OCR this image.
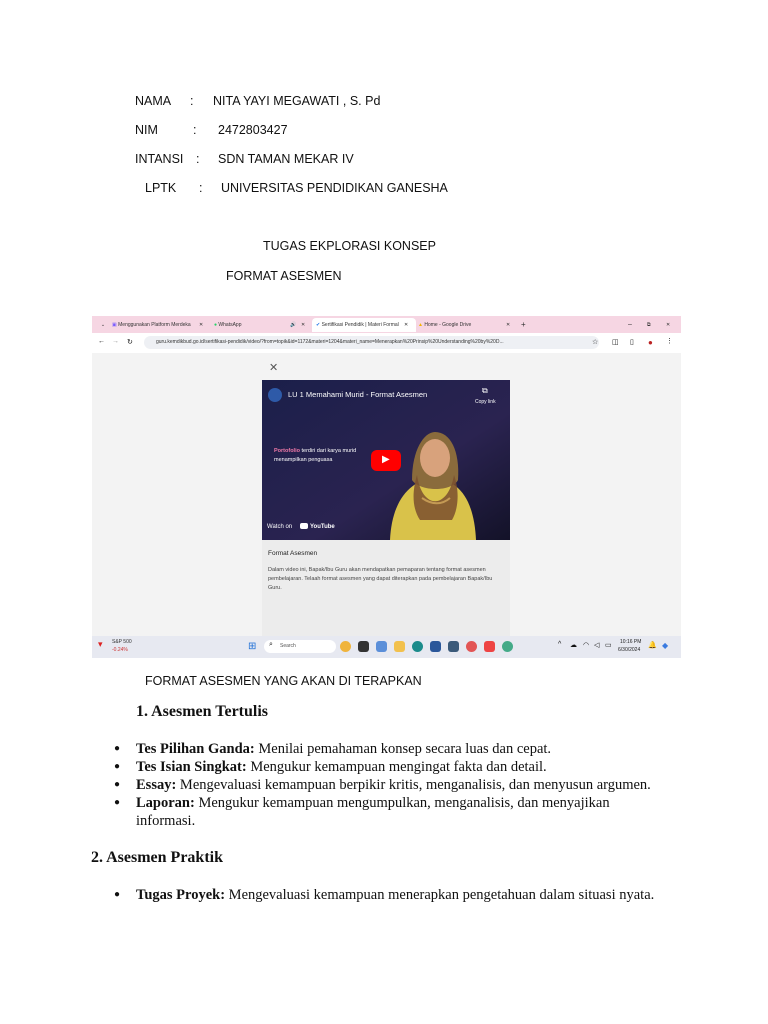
NAMA : NITA YAYI MEGAWATI , S. Pd
NIM	: 2472803427
INTANSI : SDN TAMAN MEKAR IV
LPTK : UNIVERSITAS PENDIDIKAN GANESHA
TUGAS EKPLORASI KONSEP
FORMAT ASESMEN
⌄	▣ Menggunakan Platform Merdeka	✕ ● WhatsApp	🔊 ✕	✔ Sertifikasi Pendidik | Materi Formal	✕ ▲ Home - Google Drive	✕ +	–	⧉	✕
← → ↻	guru.kemdikbud.go.id/sertifikasi-pendidik/video/?from=topik&id=1172&materi=1204&materi_name=Menerapkan%20Prinsip%20Understanding%20by%20D...	☆ ◫ ▯ ● ⋮
✕
LU 1 Memahami Murid - Format Asesmen	⧉
Copy link
Portofolio terdiri dari karya murid
menampilkan penguasa	▶
Watch on	YouTube
Format Asesmen
Dalam video ini, Bapak/Ibu Guru akan mendapatkan pemaparan tentang format asesmen pembelajaran. Telaah format asesmen yang dapat diterapkan pada pembelajaran Bapak/Ibu Guru.
▾ S&P 500
-0.24%	⊞ ⌕ Search	^ ☁ ◠ ◁ ▭ 10:16 PM
6/30/2024
🔔 ◆
FORMAT ASESMEN YANG AKAN DI TERAPKAN
1. Asesmen Tertulis
● Tes Pilihan Ganda: Menilai pemahaman konsep secara luas dan cepat.
● Tes Isian Singkat: Mengukur kemampuan mengingat fakta dan detail.
● Essay: Mengevaluasi kemampuan berpikir kritis, menganalisis, dan menyusun argumen.
● Laporan: Mengukur kemampuan mengumpulkan, menganalisis, dan menyajikan informasi.
2. Asesmen Praktik
● Tugas Proyek: Mengevaluasi kemampuan menerapkan pengetahuan dalam situasi nyata.
